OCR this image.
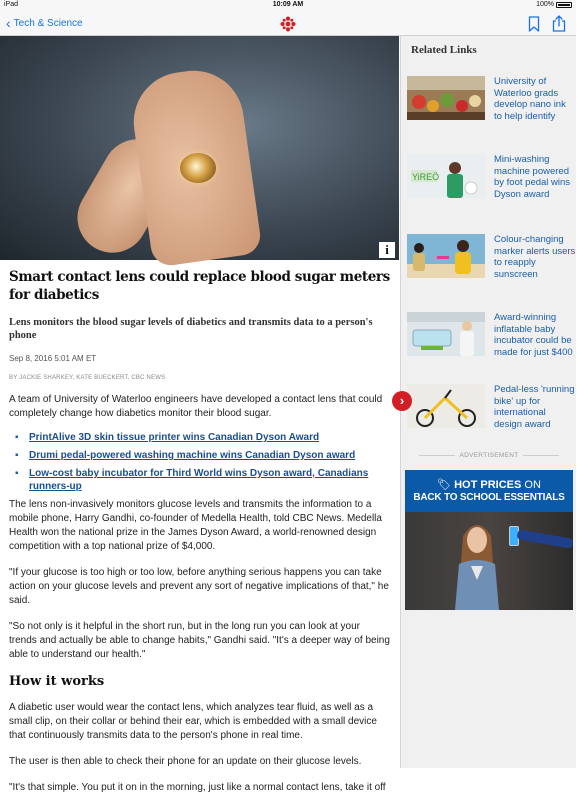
iPad	10:09 AM	100%
‹ Tech & Science
i
Smart contact lens could replace blood sugar meters for diabetics

Lens monitors the blood sugar levels of diabetics and transmits data to a person's phone

Sep 8, 2016 5:01 AM ET

BY JACKIE SHARKEY, KATE BUECKERT, CBC NEWS

A team of University of Waterloo engineers have developed a contact lens that could completely change how diabetics monitor their blood sugar.

▪ PrintAlive 3D skin tissue printer wins Canadian Dyson Award
▪ Drumi pedal-powered washing machine wins Canadian Dyson award
▪ Low-cost baby incubator for Third World wins Dyson award, Canadians runners-up

The lens non-invasively monitors glucose levels and transmits the information to a mobile phone, Harry Gandhi, co-founder of Medella Health, told CBC News. Medella Health won the national prize in the James Dyson Award, a world-renowned design competition with a top national prize of $4,000.

"If your glucose is too high or too low, before anything serious happens you can take action on your glucose levels and prevent any sort of negative implications of that," he said.

"So not only is it helpful in the short run, but in the long run you can look at your trends and actually be able to change habits," Gandhi said. "It's a deeper way of being able to understand our health."

How it works

A diabetic user would wear the contact lens, which analyzes tear fluid, as well as a small clip, on their collar or behind their ear, which is embedded with a small device that continuously transmits data to the person's phone in real time.

The user is then able to check their phone for an update on their glucose levels.

"It's that simple. You put it on in the morning, just like a normal contact lens, take it off

›
Related Links
University of Waterloo grads develop nano ink to help identify
YiREÖ
Mini-washing machine powered by foot pedal wins Dyson award
Colour-changing marker alerts users to reapply sunscreen
Award-winning inflatable baby incubator could be made for just $400
Pedal-less 'running bike' up for international design award
ADVERTISEMENT
🏷︎ HOT PRICES ON
BACK TO SCHOOL ESSENTIALS
